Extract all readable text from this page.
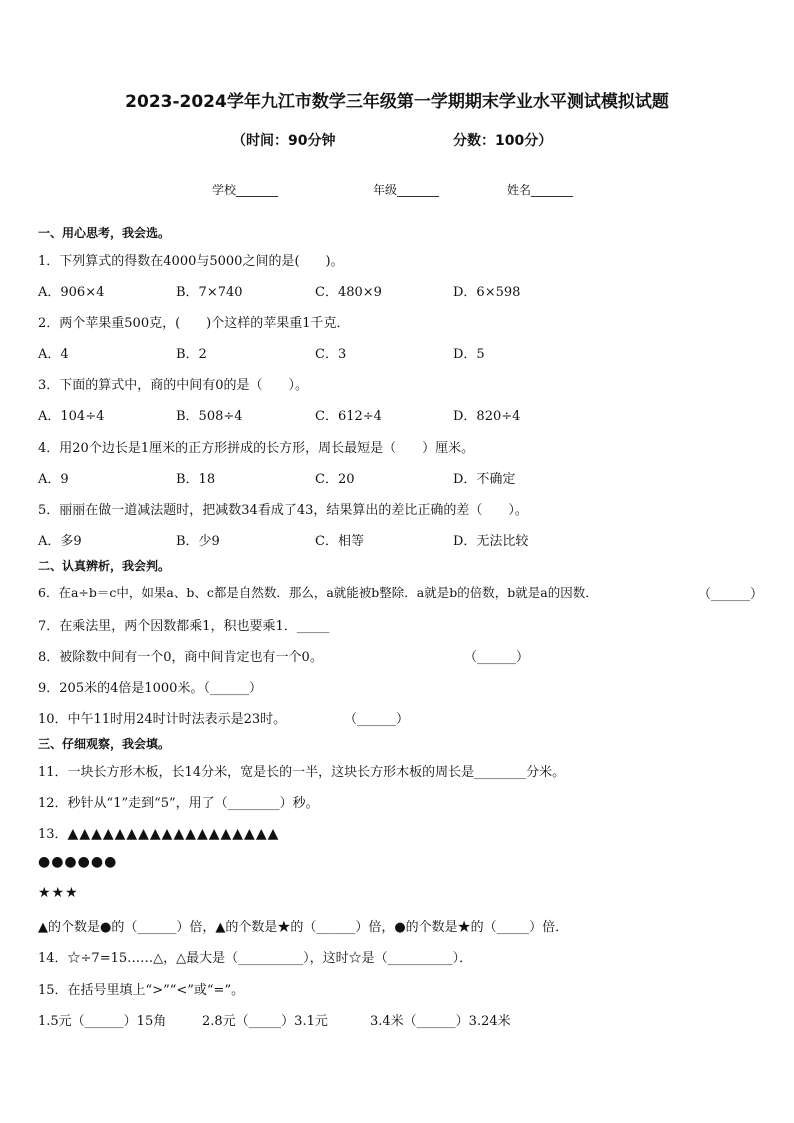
2023-2024学年九江市数学三年级第一学期期末学业水平测试模拟试题
（时间：90分钟	分数：100分）
学校_______	年级_______	姓名_______
一、用心思考，我会选。
1．下列算式的得数在4000与5000之间的是(　　)。
A．906×4	B．7×740	C．480×9	D．6×598
2．两个苹果重500克，(　　)个这样的苹果重1千克．
A．4	B．2	C．3	D．5
3．下面的算式中，商的中间有0的是（　　）。
A．104÷4	B．508÷4	C．612÷4	D．820÷4
4．用20个边长是1厘米的正方形拼成的长方形，周长最短是（　　）厘米。
A．9	B．18	C．20	D．不确定
5．丽丽在做一道减法题时，把减数34看成了43，结果算出的差比正确的差（　　）。
A．多9	B．少9	C．相等	D．无法比较
二、认真辨析，我会判。
6．在a÷b＝c中，如果a、b、c都是自然数．那么，a就能被b整除．a就是b的倍数，b就是a的因数．	（______）
7．在乘法里，两个因数都乘1，积也要乘1．_____
8．被除数中间有一个0，商中间肯定也有一个0。	（______）
9．205米的4倍是1000米。（______）
10．中午11时用24时计时法表示是23时。	（______）
三、仔细观察，我会填。
11．一块长方形木板，长14分米，宽是长的一半，这块长方形木板的周长是________分米。
12．秒针从“1”走到“5”，用了（________）秒。
13．▲▲▲▲▲▲▲▲▲▲▲▲▲▲▲▲▲▲
●●●●●●
★★★
▲的个数是●的（______）倍，▲的个数是★的（______）倍，●的个数是★的（_____）倍．
14．☆÷7=15……△，△最大是（__________），这时☆是（__________）．
15．在括号里填上“>”“<”或“=”。
1.5元（______）15角	2.8元（_____）3.1元	3.4米（______）3.24米
